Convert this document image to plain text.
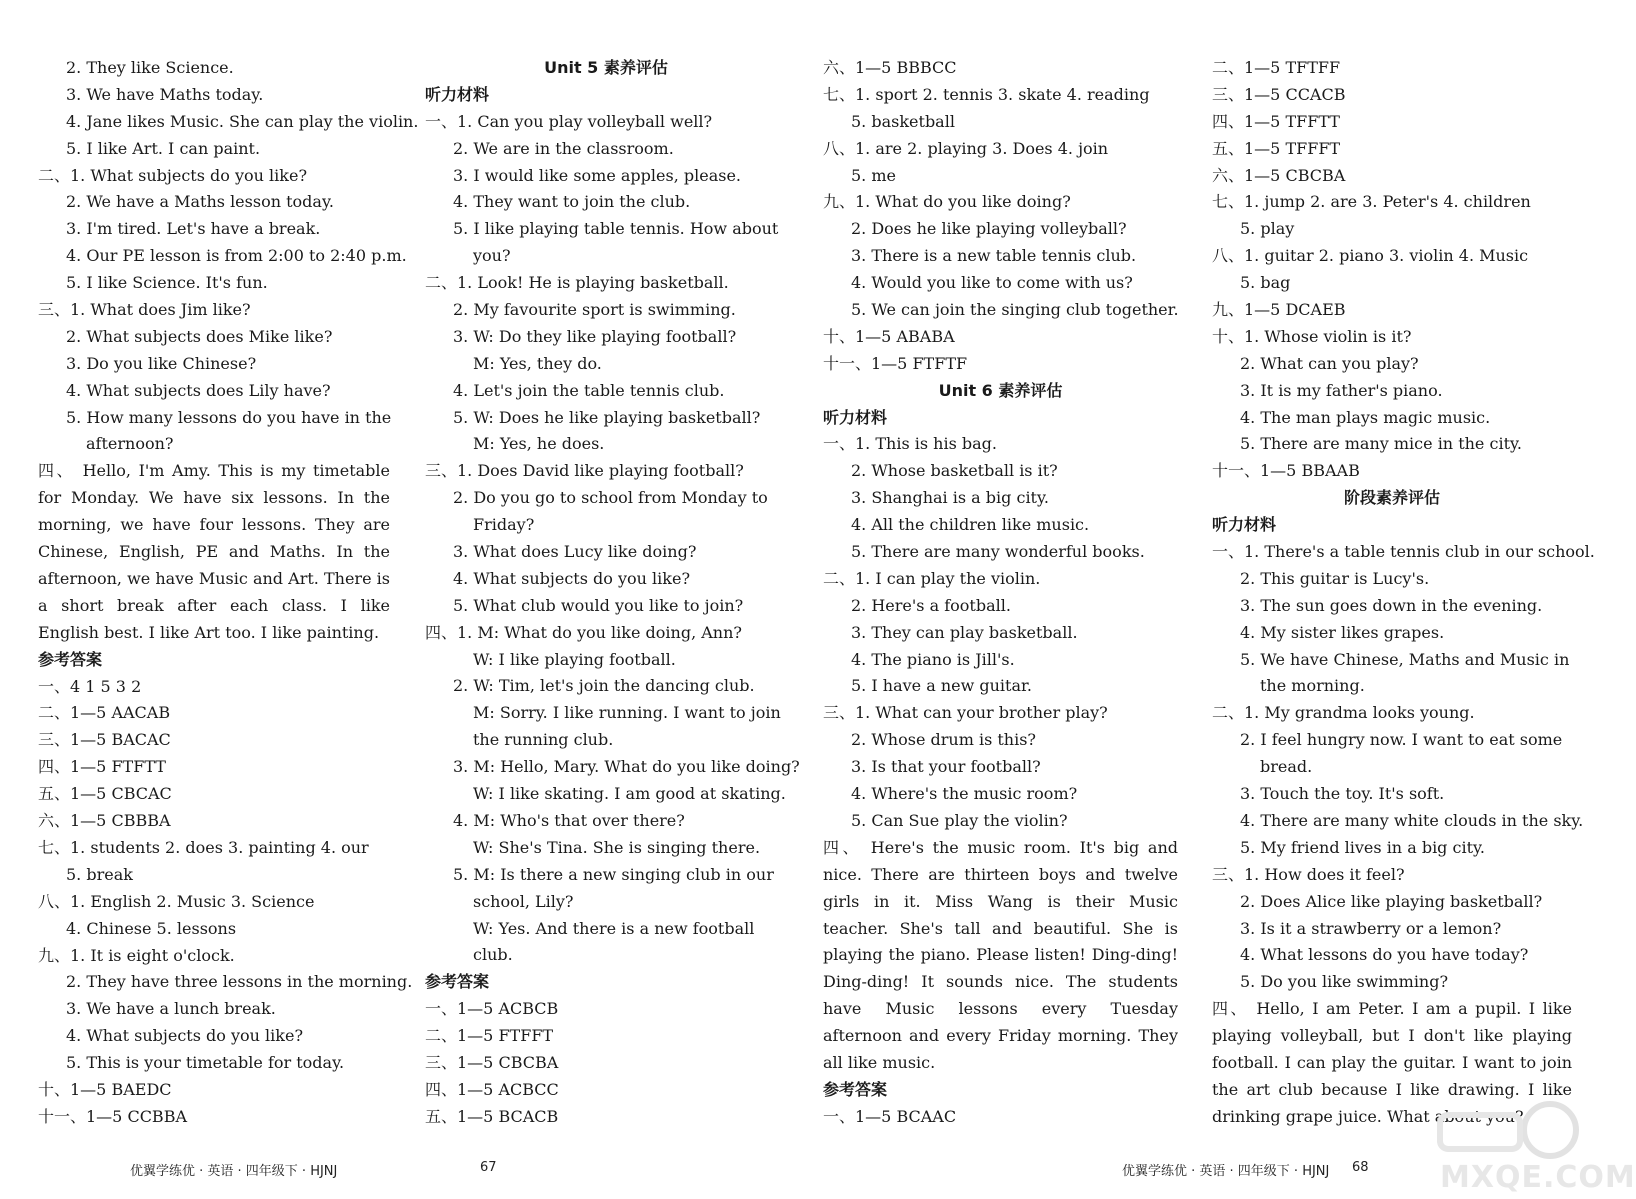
2. They like Science.
3. We have Maths today.
4. Jane likes Music. She can play the violin.
5. I like Art. I can paint.
二、1. What subjects do you like?
2. We have a Maths lesson today.
3. I'm tired. Let's have a break.
4. Our PE lesson is from 2:00 to 2:40 p.m.
5. I like Science. It's fun.
三、1. What does Jim like?
2. What subjects does Mike like?
3. Do you like Chinese?
4. What subjects does Lily have?
5. How many lessons do you have in the
afternoon?
四、 Hello, I'm Amy. This is my timetable for Monday. We have six lessons. In the morning, we have four lessons. They are Chinese, English, PE and Maths. In the afternoon, we have Music and Art. There is a short break after each class. I like English best. I like Art too. I like painting.
参考答案
一、4 1 5 3 2
二、1—5 AACAB
三、1—5 BACAC
四、1—5 FTFTT
五、1—5 CBCAC
六、1—5 CBBBA
七、1. students 2. does 3. painting 4. our
5. break
八、1. English 2. Music 3. Science
4. Chinese 5. lessons
九、1. It is eight o'clock.
2. They have three lessons in the morning.
3. We have a lunch break.
4. What subjects do you like?
5. This is your timetable for today.
十、1—5 BAEDC
十一、1—5 CCBBA
Unit 5 素养评估
听力材料
一、1. Can you play volleyball well?
2. We are in the classroom.
3. I would like some apples, please.
4. They want to join the club.
5. I like playing table tennis. How about
you?
二、1. Look! He is playing basketball.
2. My favourite sport is swimming.
3. W: Do they like playing football?
M: Yes, they do.
4. Let's join the table tennis club.
5. W: Does he like playing basketball?
M: Yes, he does.
三、1. Does David like playing football?
2. Do you go to school from Monday to
Friday?
3. What does Lucy like doing?
4. What subjects do you like?
5. What club would you like to join?
四、1. M: What do you like doing, Ann?
W: I like playing football.
2. W: Tim, let's join the dancing club.
M: Sorry. I like running. I want to join
the running club.
3. M: Hello, Mary. What do you like doing?
W: I like skating. I am good at skating.
4. M: Who's that over there?
W: She's Tina. She is singing there.
5. M: Is there a new singing club in our
school, Lily?
W: Yes. And there is a new football
club.
参考答案
一、1—5 ACBCB
二、1—5 FTFFT
三、1—5 CBCBA
四、1—5 ACBCC
五、1—5 BCACB
六、1—5 BBBCC
七、1. sport 2. tennis 3. skate 4. reading
5. basketball
八、1. are 2. playing 3. Does 4. join
5. me
九、1. What do you like doing?
2. Does he like playing volleyball?
3. There is a new table tennis club.
4. Would you like to come with us?
5. We can join the singing club together.
十、1—5 ABABA
十一、1—5 FTFTF
Unit 6 素养评估
听力材料
一、1. This is his bag.
2. Whose basketball is it?
3. Shanghai is a big city.
4. All the children like music.
5. There are many wonderful books.
二、1. I can play the violin.
2. Here's a football.
3. They can play basketball.
4. The piano is Jill's.
5. I have a new guitar.
三、1. What can your brother play?
2. Whose drum is this?
3. Is that your football?
4. Where's the music room?
5. Can Sue play the violin?
四、 Here's the music room. It's big and nice. There are thirteen boys and twelve girls in it. Miss Wang is their Music teacher. She's tall and beautiful. She is playing the piano. Please listen! Ding-ding! Ding-ding! It sounds nice. The students have Music lessons every Tuesday afternoon and every Friday morning. They all like music.
参考答案
一、1—5 BCAAC
二、1—5 TFTFF
三、1—5 CCACB
四、1—5 TFFTT
五、1—5 TFFFT
六、1—5 CBCBA
七、1. jump 2. are 3. Peter's 4. children
5. play
八、1. guitar 2. piano 3. violin 4. Music
5. bag
九、1—5 DCAEB
十、1. Whose violin is it?
2. What can you play?
3. It is my father's piano.
4. The man plays magic music.
5. There are many mice in the city.
十一、1—5 BBAAB
阶段素养评估
听力材料
一、1. There's a table tennis club in our school.
2. This guitar is Lucy's.
3. The sun goes down in the evening.
4. My sister likes grapes.
5. We have Chinese, Maths and Music in
the morning.
二、1. My grandma looks young.
2. I feel hungry now. I want to eat some
bread.
3. Touch the toy. It's soft.
4. There are many white clouds in the sky.
5. My friend lives in a big city.
三、1. How does it feel?
2. Does Alice like playing basketball?
3. Is it a strawberry or a lemon?
4. What lessons do you have today?
5. Do you like swimming?
四、 Hello, I am Peter. I am a pupil. I like playing volleyball, but I don't like playing football. I can play the guitar. I want to join the art club because I like drawing. I like drinking grape juice. What about you?
优翼学练优 · 英语 · 四年级下 · HJNJ	67	优翼学练优 · 英语 · 四年级下 · HJNJ 68 MXQE.COM
